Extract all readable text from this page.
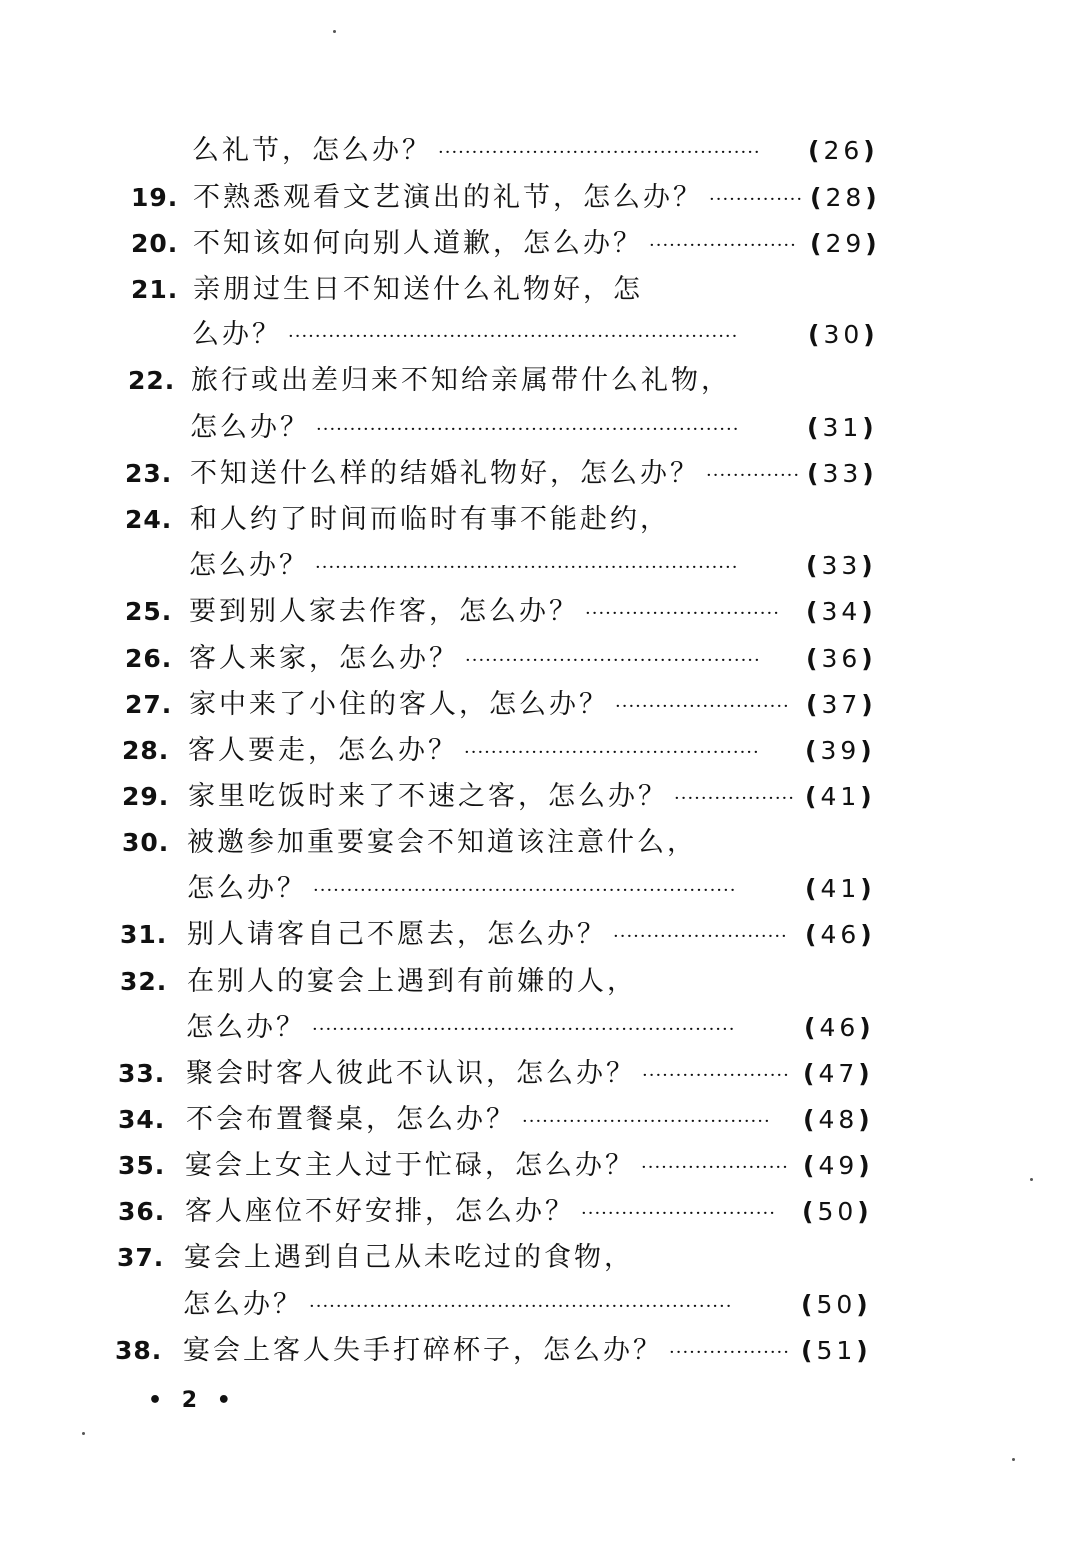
么礼节，怎么办？ ················································	(26)
19. 不熟悉观看文艺演出的礼节，怎么办？ ·············· (28)
20. 不知该如何向别人道歉，怎么办？ ······················ (29)
21. 亲朋过生日不知送什么礼物好，怎
么办？ ···································································	(30)
22. 旅行或出差归来不知给亲属带什么礼物，
怎么办？ ·······························································	(31)
23. 不知送什么样的结婚礼物好，怎么办？ ·············· (33)
24. 和人约了时间而临时有事不能赴约，
怎么办？ ·······························································	(33)
25. 要到别人家去作客，怎么办？ ·····························	(34)
26. 客人来家，怎么办？ ············································	(36)
27. 家中来了小住的客人，怎么办？ ·························· (37)
28. 客人要走，怎么办？ ············································	(39)
29. 家里吃饭时来了不速之客，怎么办？ ·················· (41)
30. 被邀参加重要宴会不知道该注意什么，
怎么办？ ·······························································	(41)
31. 别人请客自己不愿去，怎么办？ ·························· (46)
32. 在别人的宴会上遇到有前嫌的人，
怎么办？ ·······························································	(46)
33. 聚会时客人彼此不认识，怎么办？ ······················ (47)
34. 不会布置餐桌，怎么办？ ·····································	(48)
35. 宴会上女主人过于忙碌，怎么办？ ······················ (49)
36. 客人座位不好安排，怎么办？ ·····························	(50)
37. 宴会上遇到自己从未吃过的食物，
怎么办？ ·······························································	(50)
38. 宴会上客人失手打碎杯子，怎么办？ ·················· (51)
• 2 •
